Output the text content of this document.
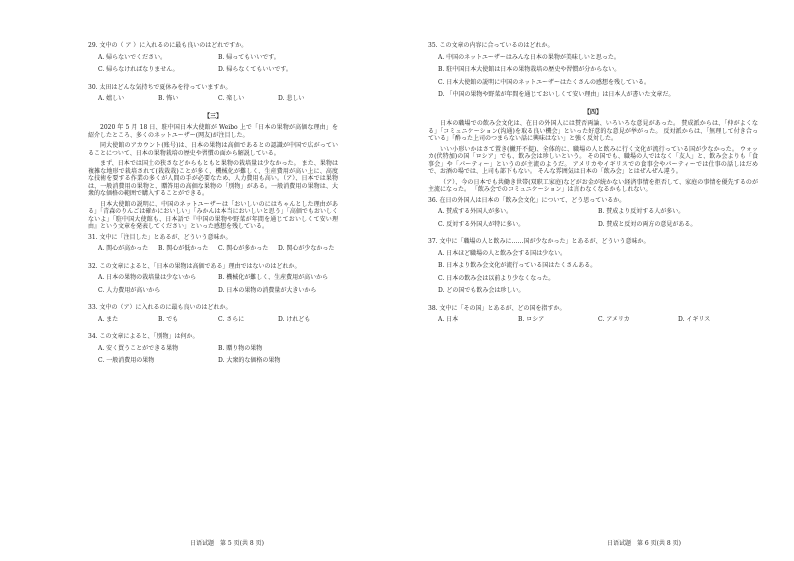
29. 文中の（ ア ）に入れるのに最も良いのはどれですか。
A. 帰らないでください。	B. 帰ってもいいです。
C. 帰らなければなりません。	D. 帰らなくてもいいです。
30. 太田はどんな気持ちで夏休みを待っていますか。
A. 嬉しい	B. 怖い	C. 楽しい	D. 悲しい
【三】
2020 年 5 月 18 日、駐中国日本大使館が Weibo 上で「日本の果物が高価な理由」を紹介したところ、多くのネットユーザー(网友)が注目した。
同大使館のアカウント(账号)は、日本の果物は高価であるとの認識が中国で広がっていることについて、日本の果物栽培の歴史や習慣の面から解説している。
まず、日本では国土の狭さなどからもともと果物の栽培量は少なかった。 また、果物は複雑な地形で栽培されて(栽栽栽)ことが多く、機械化が難しく、生産費用が高い上に、高度な技術を要する作業の多くが人間の手が必要なため、人力費用も高い。（ア）、日本では果物は、一般消費用の果物と、贈答用の高価な果物の「別物」がある。一般消費用の果物は、大衆的な価格の範囲で購入することができる。
日本大使館の説明に、中国のネットユーザーは「おいしいのにはちゃんとした理由がある」「青森のりんごは確かにおいしい」「みかんは本当においしいと思う」「高価でもおいしくないよ」「駐中国大使館も、日本語で『中国の果物や野菜が年間を通じておいしくて安い理由』という文章を発表してください」といった感想を残している。
31. 文中に「注目した」とあるが、どういう意味か。
A. 関心が高かった	B. 関心が低かった	C. 関心が多かった	D. 関心が少なかった
32. この文章によると、「日本の果物は高価である」理由ではないのはどれか。
A. 日本の果物の栽培量は少ないから	B. 機械化が難しく、生産費用が高いから
C. 人力費用が高いから	D. 日本の果物の消費量が大きいから
33. 文中の（ア）に入れるのに最も良いのはどれか。
A. また	B. でも	C. さらに	D. けれども
34. この文章によると、「別物」は何か。
A. 安く買うことができる果物	B. 贈り物の果物
C. 一般消費用の果物	D. 大衆的な価格の果物
日语试题　第 5 页(共 8 页)
35. この文章の内容に合っているのはどれか。
A. 中国のネットユーザーはみんな日本の果物が美味しいと思った。
B. 駐中国日本大使館は日本の果物栽培の歴史や習慣が分からない。
C. 日本大使館の説明に中国のネットユーザーはたくさんの感想を残している。
D. 「中国の果物や野菜が年間を通じておいしくて安い理由」は日本人が書いた文章だ。
【四】
日本の職場での飲み会文化は、在日の外国人には賛否両論、いろいろな意見があった。 賛成派からは、「仲がよくなる」「コミュニケーション(沟通)を取る良い機会」といった好意的な意見が挙がった。 反対派からは、「無理して付き合っている」「酔った上司のつまらない話に興味はない」と強く反対した。
いい小形いかはさて置き(撇开不提)、全体的に、職場の人と飲みに行く文化が流行っている国が少なかった。 ウォッカ(伏特加)の国「ロシア」でも、飲み会は珍しいという。 その国でも、職場の人ではなく「友人」と、飲み会よりも「食事会」や「パーティー」というのが主流のようだ。 アメリカやイギリスでの食事会やパーティーでは仕事の話しはだめで、お酒の場では、上司も部下もない。 そんな雰囲気は日本の「飲み会」とはぜんぜん違う。
（ア）、今の日本でも共働き世帯(双职工家庭)などがお金が続かない経済事情を拒否して、家庭の事情を優先するのが主流になった。 「飲み会でのコミュニケーション」は言わなくなるかもしれない。
36. 在日の外国人は日本の「飲み会文化」について、どう思っているか。
A. 賛成する外国人が多い。	B. 賛成より反対する人が多い。
C. 反対する外国人が特に多い。	D. 賛成と反対の両方の意見がある。
37. 文中に「職場の人と飲みに……国が少なかった」とあるが、どういう意味か。
A. 日本ほど職場の人と飲み会する国は少ない。
B. 日本より飲み会文化が流行っている国はたくさんある。
C. 日本の飲み会は以前より少なくなった。
D. どの国でも飲み会は珍しい。
38. 文中に「その国」とあるが、どの国を指すか。
A. 日本	B. ロシア	C. アメリカ	D. イギリス
日语试题　第 6 页(共 8 页)
